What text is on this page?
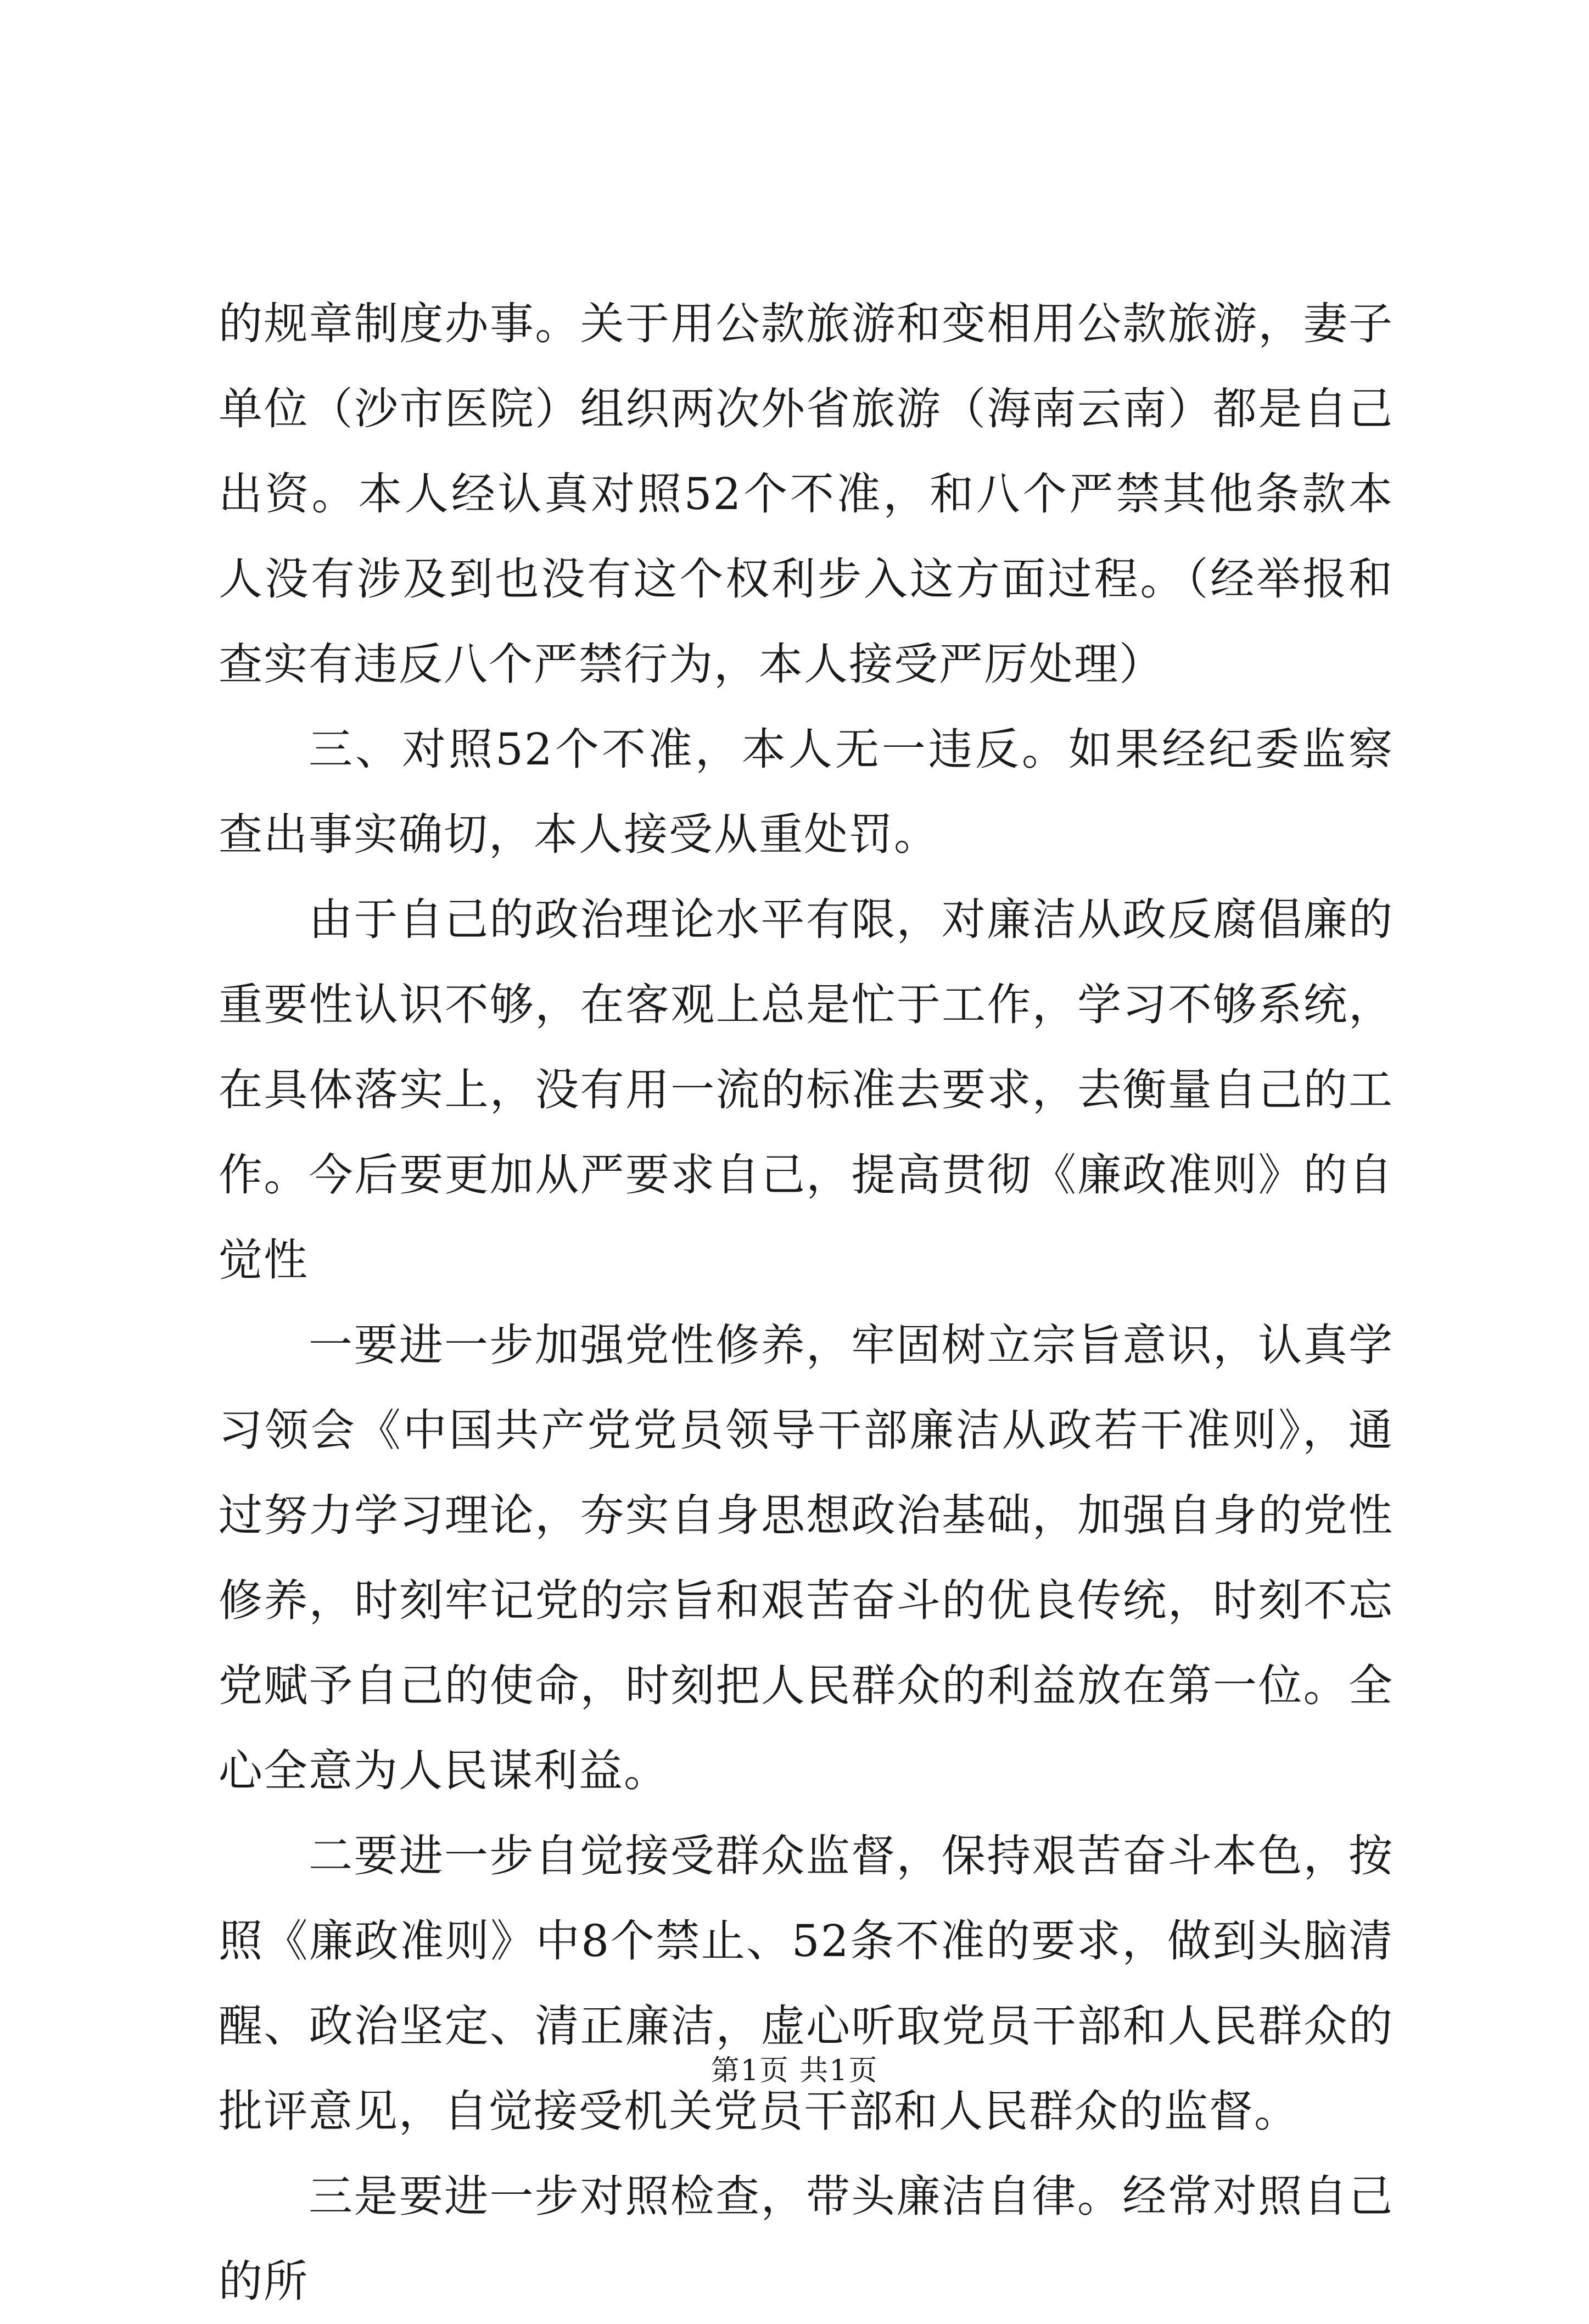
的规章制度办事。关于用公款旅游和变相用公款旅游，妻子单位（沙市医院）组织两次外省旅游（海南云南）都是自己出资。本人经认真对照52个不准，和八个严禁其他条款本人没有涉及到也没有这个权利步入这方面过程。（经举报和查实有违反八个严禁行为，本人接受严厉处理）

三、对照52个不准，本人无一违反。如果经纪委监察查出事实确切，本人接受从重处罚。

由于自己的政治理论水平有限，对廉洁从政反腐倡廉的重要性认识不够，在客观上总是忙于工作，学习不够系统，在具体落实上，没有用一流的标准去要求，去衡量自己的工作。今后要更加从严要求自己，提高贯彻《廉政准则》的自觉性

一要进一步加强党性修养，牢固树立宗旨意识，认真学习领会《中国共产党党员领导干部廉洁从政若干准则》，通过努力学习理论，夯实自身思想政治基础，加强自身的党性修养，时刻牢记党的宗旨和艰苦奋斗的优良传统，时刻不忘党赋予自己的使命，时刻把人民群众的利益放在第一位。全心全意为人民谋利益。

二要进一步自觉接受群众监督，保持艰苦奋斗本色，按照《廉政准则》中8个禁止、52条不准的要求，做到头脑清醒、政治坚定、清正廉洁，虚心听取党员干部和人民群众的批评意见，自觉接受机关党员干部和人民群众的监督。

三是要进一步对照检查，带头廉洁自律。经常对照自己的所

第1页 共1页
